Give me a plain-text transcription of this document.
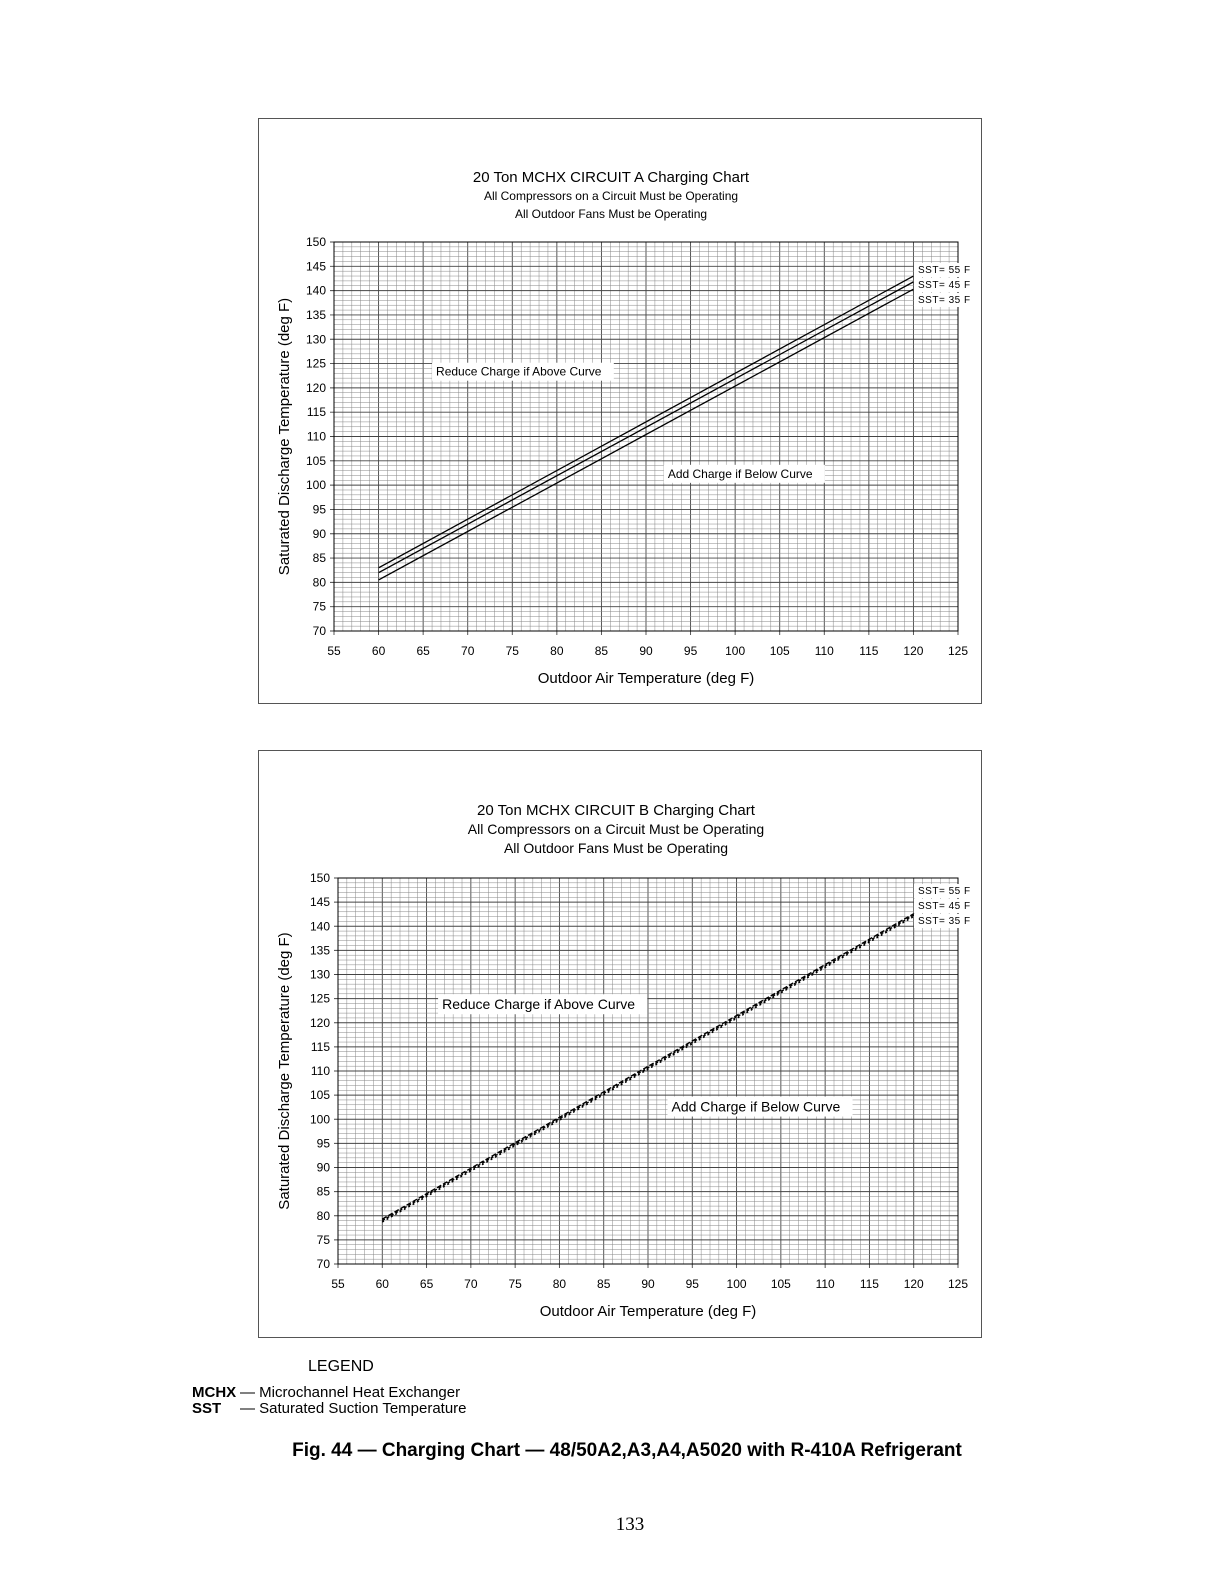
20 Ton MCHX CIRCUIT A Charging Chart
All Compressors on a Circuit Must be Operating
All Outdoor Fans Must be Operating
55	60	65	70	75	80	85	90	95 100 105 110 115 120 125
70
75
80
85
90
95
100
105
110
115
120
125
130
135
140
145
150
Outdoor Air Temperature (deg F)
Saturated Discharge Temperature (deg F)	Reduce Charge if Above Curve
Add Charge if Below Curve
SST= 55 F
SST= 45 F
SST= 35 F
20 Ton MCHX CIRCUIT B Charging Chart
All Compressors on a Circuit Must be Operating
All Outdoor Fans Must be Operating
55	60	65	70	75	80	85	90	95 100 105 110 115 120 125
70
75
80
85
90
95
100
105
110
115
120
125
130
135
140
145
150
Outdoor Air Temperature (deg F)
Saturated Discharge Temperature (deg F)	Reduce Charge if Above Curve
Add Charge if Below Curve
SST= 55 F
SST= 45 F
SST= 35 F
LEGEND
MCHX — Microchannel Heat Exchanger
SST — Saturated Suction Temperature
Fig. 44 — Charging Chart — 48/50A2,A3,A4,A5020 with R-410A Refrigerant
133
